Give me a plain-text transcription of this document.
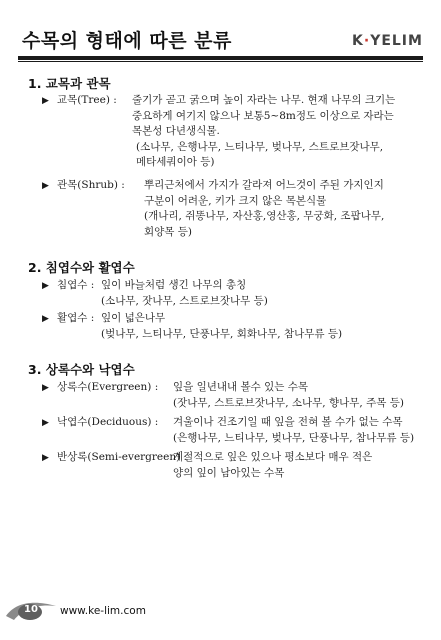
수목의 형태에 따른 분류	K·YELIM
1. 교목과 관목
▶ 교목(Tree) : 줄기가 곧고 굵으며 높이 자라는 나무. 현재 나무의 크기는
중요하게 여기지 않으나 보통5~8m정도 이상으로 자라는
목본성 다년생식물.
(소나무, 은행나무, 느티나무, 벚나무, 스트로브잣나무,
메타세쿼이아 등)
▶ 관목(Shrub) : 뿌리근처에서 가지가 갈라져 어느것이 주된 가지인지
구분이 어려운, 키가 크지 않은 목본식물
(개나리, 쥐똥나무, 자산홍,영산홍, 무궁화, 조팝나무,
회양목 등)
2. 침엽수와 활엽수
▶ 침엽수 : 잎이 바늘처럼 생긴 나무의 총칭
(소나무, 잣나무, 스트로브잣나무 등)
▶ 활엽수 : 잎이 넓은나무
(벚나무, 느티나무, 단풍나무, 회화나무, 참나무류 등)
3. 상록수와 낙엽수
▶ 상록수(Evergreen) : 잎을 일년내내 볼수 있는 수목
(잣나무, 스트로브잣나무, 소나무, 향나무, 주목 등)
▶ 낙엽수(Deciduous) : 겨울이나 건조기일 때 잎을 전혀 볼 수가 없는 수목
(은행나무, 느티나무, 벚나무, 단풍나무, 참나무류 등)
▶ 반상록(Semi-evergreen) :
계절적으로 잎은 있으나 평소보다 매우 적은
양의 잎이 남아있는 수목
10 www.ke-lim.com
